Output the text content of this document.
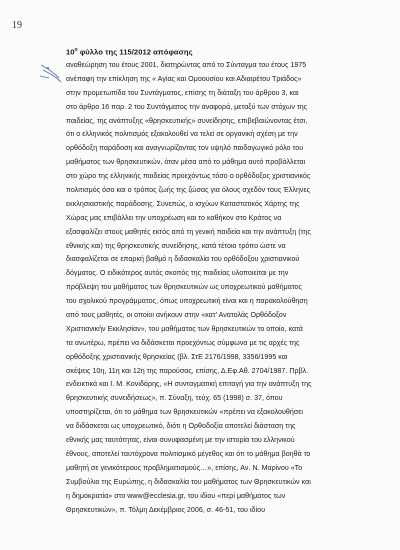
19
$10^o$ φύλλο της 115/2012 απόφασης
αναθεώρηση του έτους 2001, διατηρώντας από το Σύνταγμα του έτους 1975
ανέπαφη την επίκληση της « Αγίας και Ομοουσίου και Αδιαιρέτου Τριάδος»
στην προμετωπίδα του Συντάγματος, επίσης τη διάταξη του άρθρου 3, και
στο άρθρο 16 παρ. 2 του Συντάγματος την αναφορά, μεταξύ των στόχων της
παιδείας, της ανάπτυξης «θρησκευτικής» συνείδησης, επιβεβαιώνοντας έτσι,
ότι ο ελληνικός πολιτισμός εξακολουθεί να τελεί σε οργανική σχέση με την
ορθόδοξη παράδοση και αναγνωρίζοντας τον υψηλό παιδαγωγικό ρόλο του
μαθήματος των θρησκευτικών, όταν μέσα από το μάθημα αυτό προβάλλεται
στο χώρο της ελληνικής παιδείας προεχόντως τόσο ο ορθόδοξος χριστιανικός
πολιτισμός όσο και ο τρόπος ζωής της ζώσας για όλους σχεδόν τους Έλληνες
εκκλησιαστικής παράδοσης. Συνεπώς, ο ισχύων Καταστατικός Χάρτης της
Χώρας μας επιβάλλει την υποχρέωση και το καθήκον στο Κράτος να
εξασφαλίζει στους μαθητές εκτός από τη γενική παιδεία και την ανάπτυξη (της
εθνικής και) της θρησκευτικής συνείδησης, κατά τέτοιο τρόπο ώστε να
διασφαλίζεται σε επαρκή βαθμό η διδασκαλία του ορθόδοξου χριστιανικού
δόγματος. Ο ειδικότερος αυτός σκοπός της παιδείας υλοποιείται με την
πρόβλεψη του μαθήματος των θρησκευτικών ως υποχρεωτικού μαθήματος
του σχολικού προγράμματος, όπως υποχρεωτική είναι και η παρακολούθηση
από τους μαθητές, οι οποίοι ανήκουν στην «κατ' Ανατολάς Ορθόδοξον
Χριστιανικήν Εκκλησίαν», του μαθήματος των θρησκευτικών το οποίο, κατά
τα ανωτέρω, πρέπει να διδάσκεται προεχόντως σύμφωνα με τις αρχές της
ορθόδοξης χριστιανικής θρησκείας (βλ. ΣτΕ 2176/1998, 3356/1995 και
σκέψεις 10η, 11η και 12η της παρούσας, επίσης, Δ.Εφ.Αθ. 2704/1987. Πρβλ.
ενδεικτικά και Ι. Μ. Κονιδάρης, «Η συνταγματική επιταγή για την ανάπτυξη της
θρησκευτικής συνειδήσεως», π. Σύναξη, τεύχ. 65 (1998) σ. 37, όπου
υποστηρίζεται, ότι το μάθημα των θρησκευτικών «πρέπει να εξακολουθήσει
να διδάσκεται ως υποχρεωτικό, διότι η Ορθοδοξία αποτελεί διάσταση της
εθνικής μας ταυτότητας, είναι συνυφασμένη με την ιστορία του ελληνικού
έθνους, αποτελεί ταυτόχρονα πολιτισμικό μέγεθος και ότι το μάθημα βοηθά το
μαθητή σε γενικότερους προβληματισμούς…», επίσης, Αν. Ν. Μαρίνου «Το
Συμβούλιο της Ευρώπης, η διδασκαλία του μαθήματος των Θρησκευτικών και
η δημοκρατία» στο www@ecclesia.gr, του ιδίου «περί μαθήματος των
Θρησκευτικών», π. Τόλμη Δεκέμβριος 2006, σ. 46-51, του ιδίου
